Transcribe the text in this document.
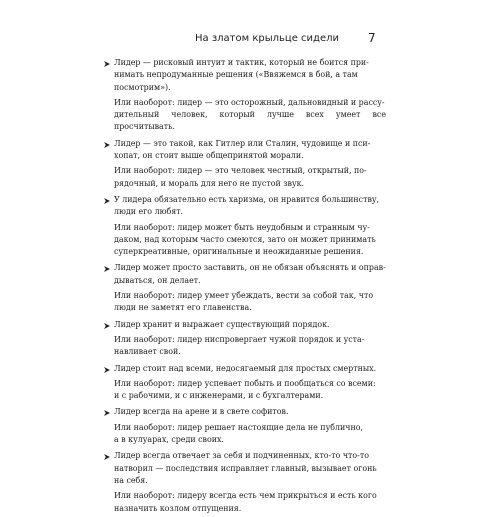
На златом крыльце сидели 7

Лидер — рисковый интуит и тактик, который не боится при-
нимать непродуманные решения («Ввяжемся в бой, а там
посмотрим»).

Или наоборот: лидер — это осторожный, дальновидный и рассу-
дительный человек, который лучше всех умеет все просчитывать.

Лидер — это такой, как Гитлер или Сталин, чудовище и пси-
хопат, он стоит выше общепринятой морали.

Или наоборот: лидер — это человек честный, открытый, по-
рядочный, и мораль для него не пустой звук.

У лидера обязательно есть харизма, он нравится большинству,
люди его любят.

Или наоборот: лидер может быть неудобным и странным чу-
даком, над которым часто смеются, зато он может принимать
суперкреативные, оригинальные и неожиданные решения.

Лидер может просто заставить, он не обязан объяснять и оправ-
дываться, он делает.

Или наоборот: лидер умеет убеждать, вести за собой так, что
люди не заметят его главенства.

Лидер хранит и выражает существующий порядок.

Или наоборот: лидер ниспровергает чужой порядок и уста-
навливает свой.

Лидер стоит над всеми, недосягаемый для простых смертных.

Или наоборот: лидер успевает побыть и пообщаться со всеми:
и с рабочими, и с инженерами, и с бухгалтерами.

Лидер всегда на арене и в свете софитов.

Или наоборот: лидер решает настоящие дела не публично,
а в кулуарах, среди своих.

Лидер всегда отвечает за себя и подчиненных, кто-то что-то
натворил — последствия исправляет главный, вызывает огонь
на себя.

Или наоборот: лидеру всегда есть чем прикрыться и есть кого
назначить козлом отпущения.
